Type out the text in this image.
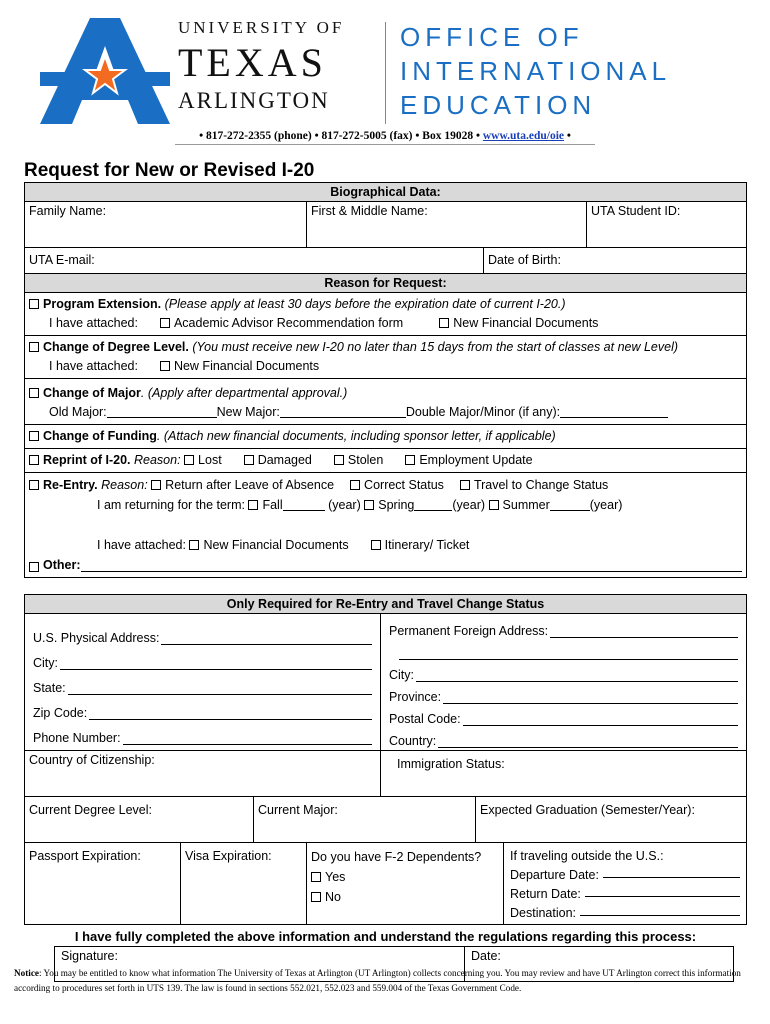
UNIVERSITY OF
TEXAS
ARLINGTON
OFFICE OF
INTERNATIONAL
EDUCATION
• 817-272-2355 (phone) • 817-272-5005 (fax) • Box 19028 • www.uta.edu/oie •
Request for New or Revised I-20
Biographical Data:
Family Name:	First & Middle Name:	UTA Student ID:
UTA E-mail:	Date of Birth:
Reason for Request:
Program Extension. (Please apply at least 30 days before the expiration date of current I-20.)
I have attached:	Academic Advisor Recommendation form	New Financial Documents
Change of Degree Level. (You must receive new I-20 no later than 15 days from the start of classes at new Level)
I have attached:	New Financial Documents
Change of Major. (Apply after departmental approval.)
Old Major:	New Major:	Double Major/Minor (if any):
Change of Funding. (Attach new financial documents, including sponsor letter, if applicable)
Reprint of I-20. Reason: Lost	Damaged	Stolen	Employment Update
Re-Entry. Reason: Return after Leave of Absence Correct Status Travel to Change Status
I am returning for the term: Fall	(year) Spring	(year) Summer	(year)
I have attached: New Financial Documents	Itinerary/ Ticket
Other:
Only Required for Re-Entry and Travel Change Status
U.S. Physical Address:
City:
State:
Zip Code:
Phone Number:
Permanent Foreign Address:
City:
Province:
Postal Code:
Country:
Country of Citizenship:	Immigration Status:
Current Degree Level:	Current Major:	Expected Graduation (Semester/Year):
Passport Expiration:	Visa Expiration:	Do you have F-2 Dependents?
Yes
No
If traveling outside the U.S.:
Departure Date:
Return Date:
Destination:
I have fully completed the above information and understand the regulations regarding this process:
Signature:	Date:
Notice: You may be entitled to know what information The University of Texas at Arlington (UT Arlington) collects concerning you. You may review and have UT Arlington correct this information according to procedures set forth in UTS 139. The law is found in sections 552.021, 552.023 and 559.004 of the Texas Government Code.
